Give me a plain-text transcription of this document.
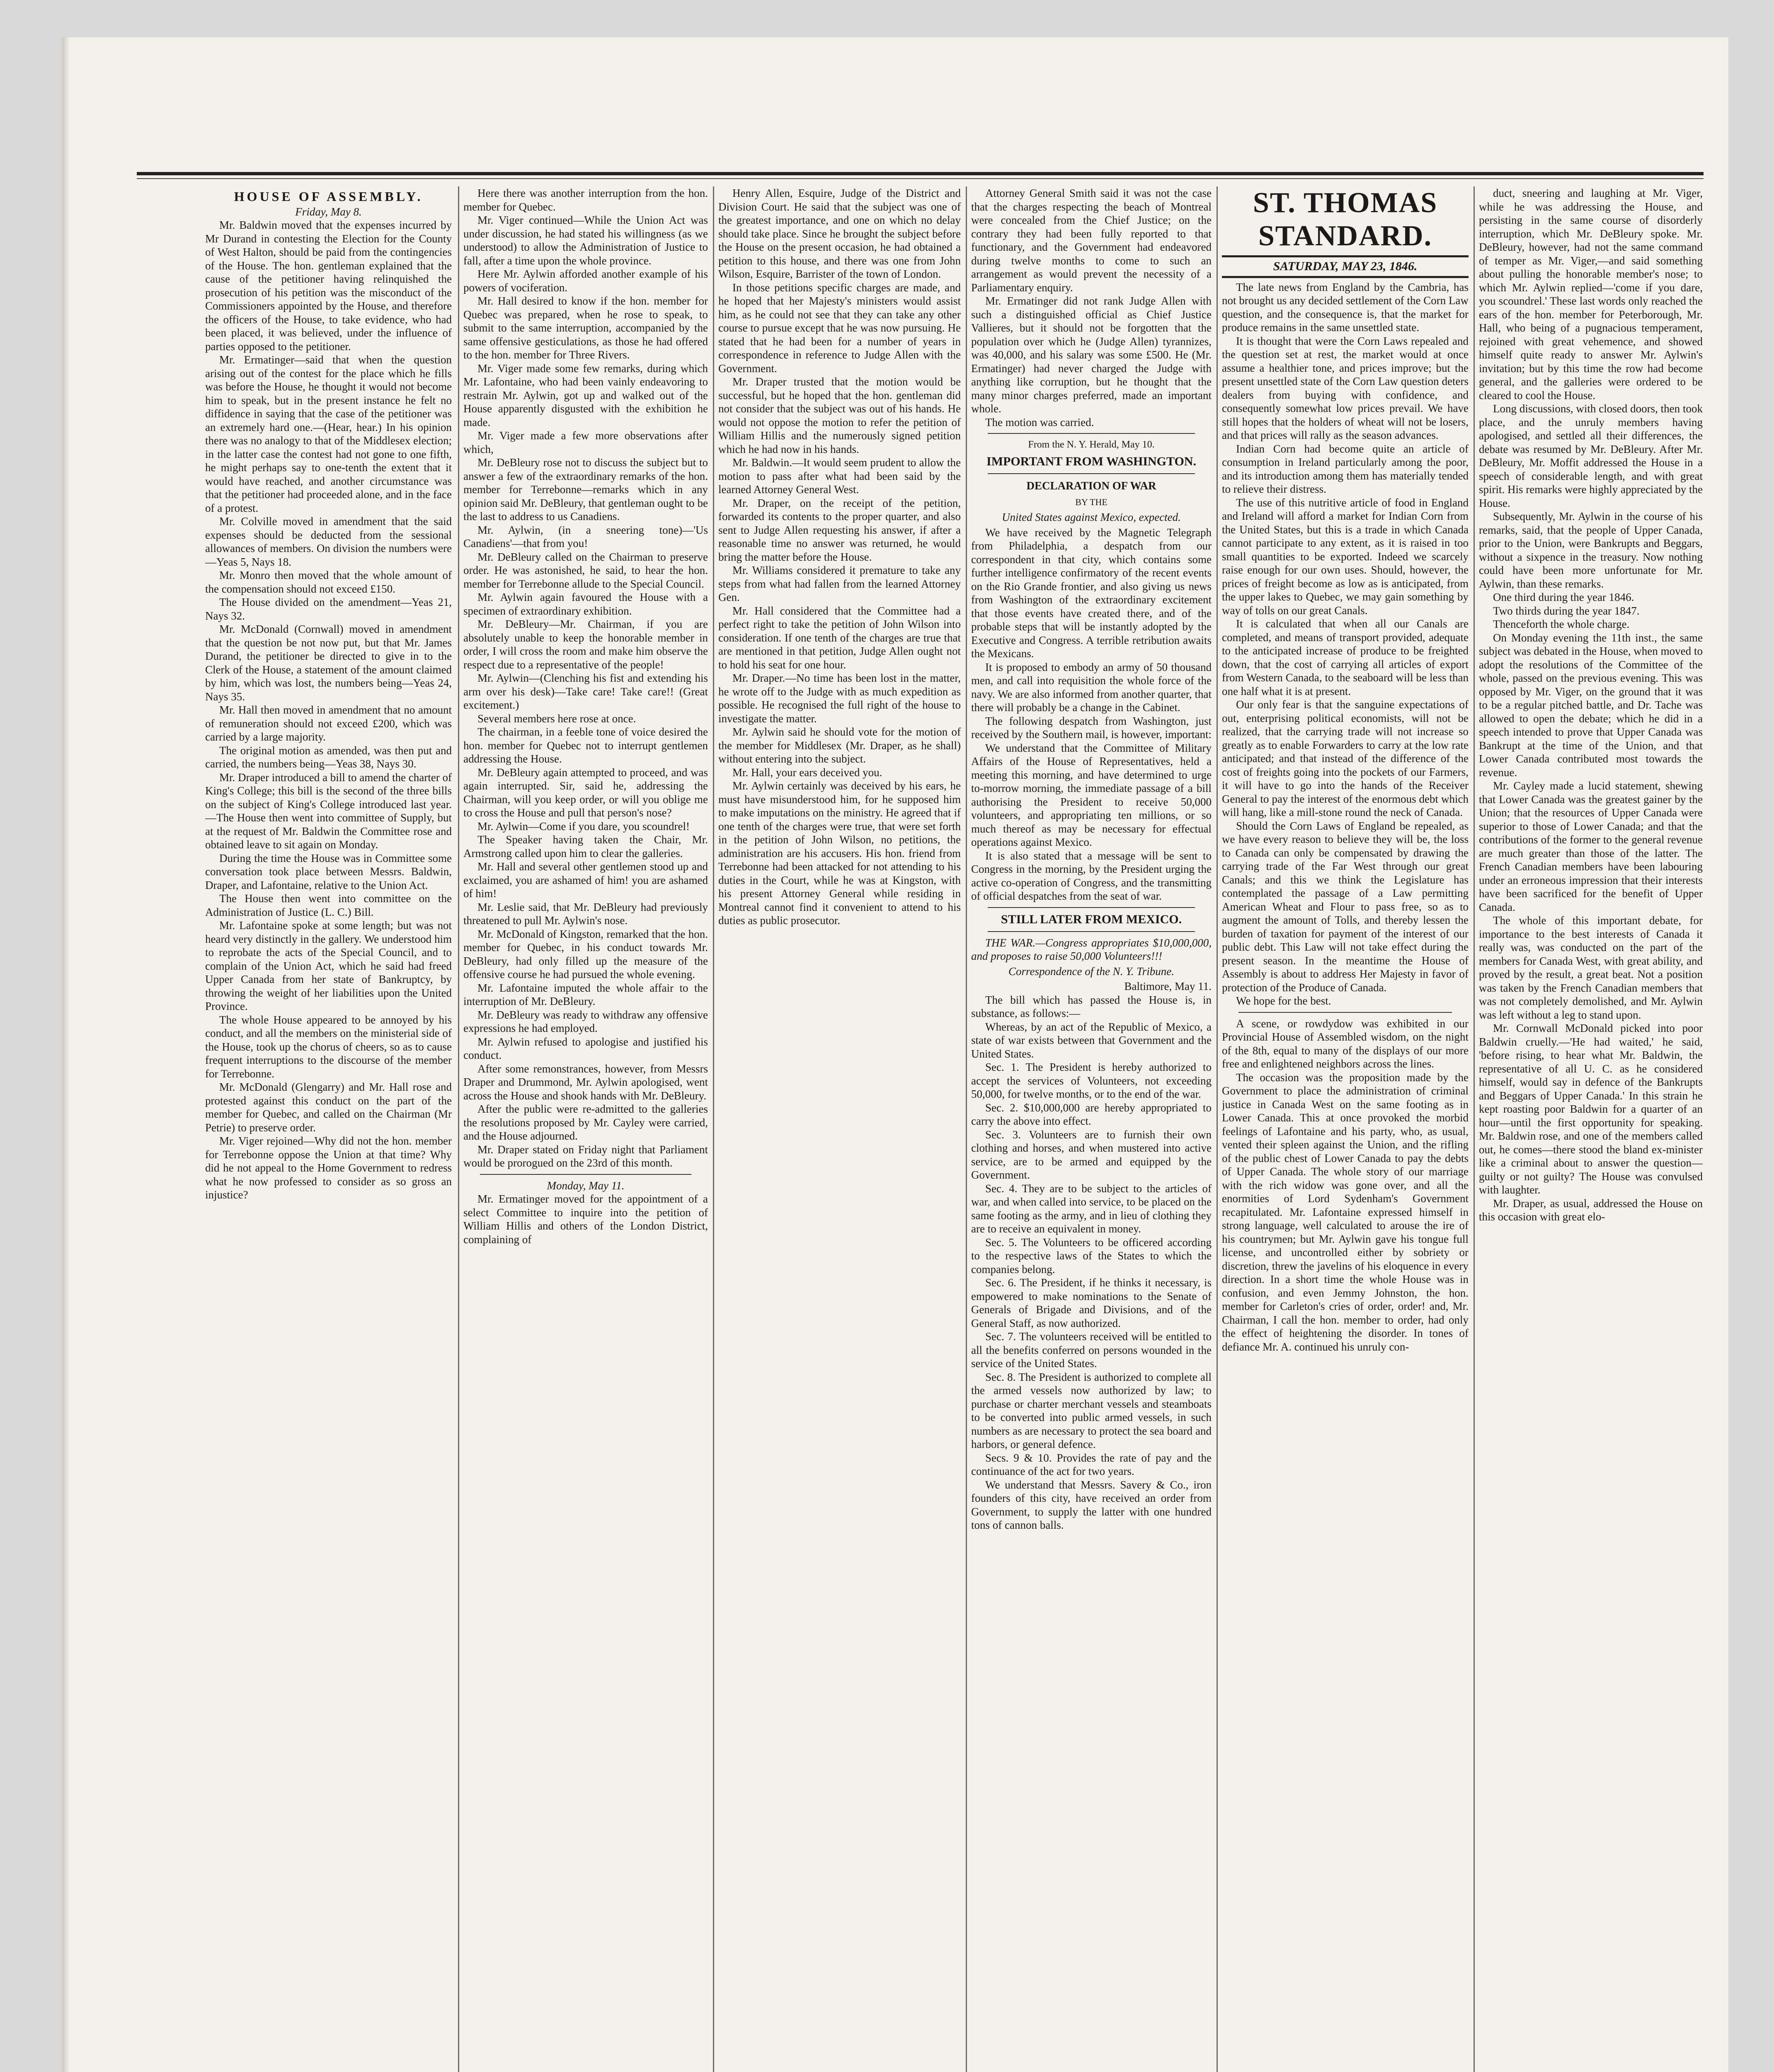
HOUSE OF ASSEMBLY.

Friday, May 8.

Mr. Baldwin moved that the expenses incurred by Mr Durand in contesting the Election for the County of West Halton, should be paid from the contingencies of the House. The hon. gentleman explained that the cause of the petitioner having relinquished the prosecution of his petition was the misconduct of the Commissioners appointed by the House, and therefore the officers of the House, to take evidence, who had been placed, it was believed, under the influence of parties opposed to the petitioner.

Mr. Ermatinger—said that when the question arising out of the contest for the place which he fills was before the House, he thought it would not become him to speak, but in the present instance he felt no diffidence in saying that the case of the petitioner was an extremely hard one.—(Hear, hear.) In his opinion there was no analogy to that of the Middlesex election; in the latter case the contest had not gone to one fifth, he might perhaps say to one-tenth the extent that it would have reached, and another circumstance was that the petitioner had proceeded alone, and in the face of a protest.

Mr. Colville moved in amendment that the said expenses should be deducted from the sessional allowances of members. On division the numbers were—Yeas 5, Nays 18.

Mr. Monro then moved that the whole amount of the compensation should not exceed £150.

The House divided on the amendment—Yeas 21, Nays 32.

Mr. McDonald (Cornwall) moved in amendment that the question be not now put, but that Mr. James Durand, the petitioner be directed to give in to the Clerk of the House, a statement of the amount claimed by him, which was lost, the numbers being—Yeas 24, Nays 35.

Mr. Hall then moved in amendment that no amount of remuneration should not exceed £200, which was carried by a large majority.

The original motion as amended, was then put and carried, the numbers being—Yeas 38, Nays 30.

Mr. Draper introduced a bill to amend the charter of King's College; this bill is the second of the three bills on the subject of King's College introduced last year.—The House then went into committee of Supply, but at the request of Mr. Baldwin the Committee rose and obtained leave to sit again on Monday.

During the time the House was in Committee some conversation took place between Messrs. Baldwin, Draper, and Lafontaine, relative to the Union Act.

The House then went into committee on the Administration of Justice (L. C.) Bill.

Mr. Lafontaine spoke at some length; but was not heard very distinctly in the gallery. We understood him to reprobate the acts of the Special Council, and to complain of the Union Act, which he said had freed Upper Canada from her state of Bankruptcy, by throwing the weight of her liabilities upon the United Province.

The whole House appeared to be annoyed by his conduct, and all the members on the ministerial side of the House, took up the chorus of cheers, so as to cause frequent interruptions to the discourse of the member for Terrebonne.

Mr. McDonald (Glengarry) and Mr. Hall rose and protested against this conduct on the part of the member for Quebec, and called on the Chairman (Mr Petrie) to preserve order.

Mr. Viger rejoined—Why did not the hon. member for Terrebonne oppose the Union at that time? Why did he not appeal to the Home Government to redress what he now professed to consider as so gross an injustice?

Here there was another interruption from the hon. member for Quebec.

Mr. Viger continued—While the Union Act was under discussion, he had stated his willingness (as we understood) to allow the Administration of Justice to fall, after a time upon the whole province.

Here Mr. Aylwin afforded another example of his powers of vociferation.

Mr. Hall desired to know if the hon. member for Quebec was prepared, when he rose to speak, to submit to the same interruption, accompanied by the same offensive gesticulations, as those he had offered to the hon. member for Three Rivers.

Mr. Viger made some few remarks, during which Mr. Lafontaine, who had been vainly endeavoring to restrain Mr. Aylwin, got up and walked out of the House apparently disgusted with the exhibition he made.

Mr. Viger made a few more observations after which,

Mr. DeBleury rose not to discuss the subject but to answer a few of the extraordinary remarks of the hon. member for Terrebonne—remarks which in any opinion said Mr. DeBleury, that gentleman ought to be the last to address to us Canadiens.

Mr. Aylwin, (in a sneering tone)—'Us Canadiens'—that from you!

Mr. DeBleury called on the Chairman to preserve order. He was astonished, he said, to hear the hon. member for Terrebonne allude to the Special Council.

Mr. Aylwin again favoured the House with a specimen of extraordinary exhibition.

Mr. DeBleury—Mr. Chairman, if you are absolutely unable to keep the honorable member in order, I will cross the room and make him observe the respect due to a representative of the people!

Mr. Aylwin—(Clenching his fist and extending his arm over his desk)—Take care! Take care!! (Great excitement.)

Several members here rose at once.

The chairman, in a feeble tone of voice desired the hon. member for Quebec not to interrupt gentlemen addressing the House.

Mr. DeBleury again attempted to proceed, and was again interrupted. Sir, said he, addressing the Chairman, will you keep order, or will you oblige me to cross the House and pull that person's nose?

Mr. Aylwin—Come if you dare, you scoundrel!

The Speaker having taken the Chair, Mr. Armstrong called upon him to clear the galleries.

Mr. Hall and several other gentlemen stood up and exclaimed, you are ashamed of him! you are ashamed of him!

Mr. Leslie said, that Mr. DeBleury had previously threatened to pull Mr. Aylwin's nose.

Mr. McDonald of Kingston, remarked that the hon. member for Quebec, in his conduct towards Mr. DeBleury, had only filled up the measure of the offensive course he had pursued the whole evening.

Mr. Lafontaine imputed the whole affair to the interruption of Mr. DeBleury.

Mr. DeBleury was ready to withdraw any offensive expressions he had employed.

Mr. Aylwin refused to apologise and justified his conduct.

After some remonstrances, however, from Messrs Draper and Drummond, Mr. Aylwin apologised, went across the House and shook hands with Mr. DeBleury.

After the public were re-admitted to the galleries the resolutions proposed by Mr. Cayley were carried, and the House adjourned.

Mr. Draper stated on Friday night that Parliament would be prorogued on the 23rd of this month.

Monday, May 11.

Mr. Ermatinger moved for the appointment of a select Committee to inquire into the petition of William Hillis and others of the London District, complaining of

Henry Allen, Esquire, Judge of the District and Division Court. He said that the subject was one of the greatest importance, and one on which no delay should take place. Since he brought the subject before the House on the present occasion, he had obtained a petition to this house, and there was one from John Wilson, Esquire, Barrister of the town of London.

In those petitions specific charges are made, and he hoped that her Majesty's ministers would assist him, as he could not see that they can take any other course to pursue except that he was now pursuing. He stated that he had been for a number of years in correspondence in reference to Judge Allen with the Government.

Mr. Draper trusted that the motion would be successful, but he hoped that the hon. gentleman did not consider that the subject was out of his hands. He would not oppose the motion to refer the petition of William Hillis and the numerously signed petition which he had now in his hands.

Mr. Baldwin.—It would seem prudent to allow the motion to pass after what had been said by the learned Attorney General West.

Mr. Draper, on the receipt of the petition, forwarded its contents to the proper quarter, and also sent to Judge Allen requesting his answer, if after a reasonable time no answer was returned, he would bring the matter before the House.

Mr. Williams considered it premature to take any steps from what had fallen from the learned Attorney Gen.

Mr. Hall considered that the Committee had a perfect right to take the petition of John Wilson into consideration. If one tenth of the charges are true that are mentioned in that petition, Judge Allen ought not to hold his seat for one hour.

Mr. Draper.—No time has been lost in the matter, he wrote off to the Judge with as much expedition as possible. He recognised the full right of the house to investigate the matter.

Mr. Aylwin said he should vote for the motion of the member for Middlesex (Mr. Draper, as he shall) without entering into the subject.

Mr. Hall, your ears deceived you.

Mr. Aylwin certainly was deceived by his ears, he must have misunderstood him, for he supposed him to make imputations on the ministry. He agreed that if one tenth of the charges were true, that were set forth in the petition of John Wilson, no petitions, the administration are his accusers. His hon. friend from Terrebonne had been attacked for not attending to his duties in the Court, while he was at Kingston, with his present Attorney General while residing in Montreal cannot find it convenient to attend to his duties as public prosecutor.

Attorney General Smith said it was not the case that the charges respecting the beach of Montreal were concealed from the Chief Justice; on the contrary they had been fully reported to that functionary, and the Government had endeavored during twelve months to come to such an arrangement as would prevent the necessity of a Parliamentary enquiry.

Mr. Ermatinger did not rank Judge Allen with such a distinguished official as Chief Justice Vallieres, but it should not be forgotten that the population over which he (Judge Allen) tyrannizes, was 40,000, and his salary was some £500. He (Mr. Ermatinger) had never charged the Judge with anything like corruption, but he thought that the many minor charges preferred, made an important whole.

The motion was carried.

From the N. Y. Herald, May 10.

IMPORTANT FROM WASHINGTON.
DECLARATION OF WAR

BY THE

United States against Mexico, expected.

We have received by the Magnetic Telegraph from Philadelphia, a despatch from our correspondent in that city, which contains some further intelligence confirmatory of the recent events on the Rio Grande frontier, and also giving us news from Washington of the extraordinary excitement that those events have created there, and of the probable steps that will be instantly adopted by the Executive and Congress. A terrible retribution awaits the Mexicans.

It is proposed to embody an army of 50 thousand men, and call into requisition the whole force of the navy. We are also informed from another quarter, that there will probably be a change in the Cabinet.

The following despatch from Washington, just received by the Southern mail, is however, important:

We understand that the Committee of Military Affairs of the House of Representatives, held a meeting this morning, and have determined to urge to-morrow morning, the immediate passage of a bill authorising the President to receive 50,000 volunteers, and appropriating ten millions, or so much thereof as may be necessary for effectual operations against Mexico.

It is also stated that a message will be sent to Congress in the morning, by the President urging the active co-operation of Congress, and the transmitting of official despatches from the seat of war.

STILL LATER FROM MEXICO.

THE WAR.—Congress appropriates $10,000,000, and proposes to raise 50,000 Volunteers!!!

Correspondence of the N. Y. Tribune.

Baltimore, May 11.

The bill which has passed the House is, in substance, as follows:—

Whereas, by an act of the Republic of Mexico, a state of war exists between that Government and the United States.

Sec. 1. The President is hereby authorized to accept the services of Volunteers, not exceeding 50,000, for twelve months, or to the end of the war.

Sec. 2. $10,000,000 are hereby appropriated to carry the above into effect.

Sec. 3. Volunteers are to furnish their own clothing and horses, and when mustered into active service, are to be armed and equipped by the Government.

Sec. 4. They are to be subject to the articles of war, and when called into service, to be placed on the same footing as the army, and in lieu of clothing they are to receive an equivalent in money.

Sec. 5. The Volunteers to be officered according to the respective laws of the States to which the companies belong.

Sec. 6. The President, if he thinks it necessary, is empowered to make nominations to the Senate of Generals of Brigade and Divisions, and of the General Staff, as now authorized.

Sec. 7. The volunteers received will be entitled to all the benefits conferred on persons wounded in the service of the United States.

Sec. 8. The President is authorized to complete all the armed vessels now authorized by law; to purchase or charter merchant vessels and steamboats to be converted into public armed vessels, in such numbers as are necessary to protect the sea board and harbors, or general defence.

Secs. 9 & 10. Provides the rate of pay and the continuance of the act for two years.

We understand that Messrs. Savery & Co., iron founders of this city, have received an order from Government, to supply the latter with one hundred tons of cannon balls.

ST. THOMAS STANDARD.
SATURDAY, MAY 23, 1846.

The late news from England by the Cambria, has not brought us any decided settlement of the Corn Law question, and the consequence is, that the market for produce remains in the same unsettled state.

It is thought that were the Corn Laws repealed and the question set at rest, the market would at once assume a healthier tone, and prices improve; but the present unsettled state of the Corn Law question deters dealers from buying with confidence, and consequently somewhat low prices prevail. We have still hopes that the holders of wheat will not be losers, and that prices will rally as the season advances.

Indian Corn had become quite an article of consumption in Ireland particularly among the poor, and its introduction among them has materially tended to relieve their distress.

The use of this nutritive article of food in England and Ireland will afford a market for Indian Corn from the United States, but this is a trade in which Canada cannot participate to any extent, as it is raised in too small quantities to be exported. Indeed we scarcely raise enough for our own uses. Should, however, the prices of freight become as low as is anticipated, from the upper lakes to Quebec, we may gain something by way of tolls on our great Canals.

It is calculated that when all our Canals are completed, and means of transport provided, adequate to the anticipated increase of produce to be freighted down, that the cost of carrying all articles of export from Western Canada, to the seaboard will be less than one half what it is at present.

Our only fear is that the sanguine expectations of out, enterprising political economists, will not be realized, that the carrying trade will not increase so greatly as to enable Forwarders to carry at the low rate anticipated; and that instead of the difference of the cost of freights going into the pockets of our Farmers, it will have to go into the hands of the Receiver General to pay the interest of the enormous debt which will hang, like a mill-stone round the neck of Canada.

Should the Corn Laws of England be repealed, as we have every reason to believe they will be, the loss to Canada can only be compensated by drawing the carrying trade of the Far West through our great Canals; and this we think the Legislature has contemplated the passage of a Law permitting American Wheat and Flour to pass free, so as to augment the amount of Tolls, and thereby lessen the burden of taxation for payment of the interest of our public debt. This Law will not take effect during the present season. In the meantime the House of Assembly is about to address Her Majesty in favor of protection of the Produce of Canada.

We hope for the best.

A scene, or rowdydow was exhibited in our Provincial House of Assembled wisdom, on the night of the 8th, equal to many of the displays of our more free and enlightened neighbors across the lines.

The occasion was the proposition made by the Government to place the administration of criminal justice in Canada West on the same footing as in Lower Canada. This at once provoked the morbid feelings of Lafontaine and his party, who, as usual, vented their spleen against the Union, and the rifling of the public chest of Lower Canada to pay the debts of Upper Canada. The whole story of our marriage with the rich widow was gone over, and all the enormities of Lord Sydenham's Government recapitulated. Mr. Lafontaine expressed himself in strong language, well calculated to arouse the ire of his countrymen; but Mr. Aylwin gave his tongue full license, and uncontrolled either by sobriety or discretion, threw the javelins of his eloquence in every direction. In a short time the whole House was in confusion, and even Jemmy Johnston, the hon. member for Carleton's cries of order, order! and, Mr. Chairman, I call the hon. member to order, had only the effect of heightening the disorder. In tones of defiance Mr. A. continued his unruly con-

duct, sneering and laughing at Mr. Viger, while he was addressing the House, and persisting in the same course of disorderly interruption, which Mr. DeBleury spoke. Mr. DeBleury, however, had not the same command of temper as Mr. Viger,—and said something about pulling the honorable member's nose; to which Mr. Aylwin replied—'come if you dare, you scoundrel.' These last words only reached the ears of the hon. member for Peterborough, Mr. Hall, who being of a pugnacious temperament, rejoined with great vehemence, and showed himself quite ready to answer Mr. Aylwin's invitation; but by this time the row had become general, and the galleries were ordered to be cleared to cool the House.

Long discussions, with closed doors, then took place, and the unruly members having apologised, and settled all their differences, the debate was resumed by Mr. DeBleury. After Mr. DeBleury, Mr. Moffit addressed the House in a speech of considerable length, and with great spirit. His remarks were highly appreciated by the House.

Subsequently, Mr. Aylwin in the course of his remarks, said, that the people of Upper Canada, prior to the Union, were Bankrupts and Beggars, without a sixpence in the treasury. Now nothing could have been more unfortunate for Mr. Aylwin, than these remarks.

One third during the year 1846.

Two thirds during the year 1847.

Thenceforth the whole charge.

On Monday evening the 11th inst., the same subject was debated in the House, when moved to adopt the resolutions of the Committee of the whole, passed on the previous evening. This was opposed by Mr. Viger, on the ground that it was to be a regular pitched battle, and Dr. Tache was allowed to open the debate; which he did in a speech intended to prove that Upper Canada was Bankrupt at the time of the Union, and that Lower Canada contributed most towards the revenue.

Mr. Cayley made a lucid statement, shewing that Lower Canada was the greatest gainer by the Union; that the resources of Upper Canada were superior to those of Lower Canada; and that the contributions of the former to the general revenue are much greater than those of the latter. The French Canadian members have been labouring under an erroneous impression that their interests have been sacrificed for the benefit of Upper Canada.

The whole of this important debate, for importance to the best interests of Canada it really was, was conducted on the part of the members for Canada West, with great ability, and proved by the result, a great beat. Not a position was taken by the French Canadian members that was not completely demolished, and Mr. Aylwin was left without a leg to stand upon.

Mr. Cornwall McDonald picked into poor Baldwin cruelly.—'He had waited,' he said, 'before rising, to hear what Mr. Baldwin, the representative of all U. C. as he considered himself, would say in defence of the Bankrupts and Beggars of Upper Canada.' In this strain he kept roasting poor Baldwin for a quarter of an hour—until the first opportunity for speaking. Mr. Baldwin rose, and one of the members called out, he comes—there stood the bland ex-minister like a criminal about to answer the question—guilty or not guilty? The House was convulsed with laughter.

Mr. Draper, as usual, addressed the House on this occasion with great elo-
